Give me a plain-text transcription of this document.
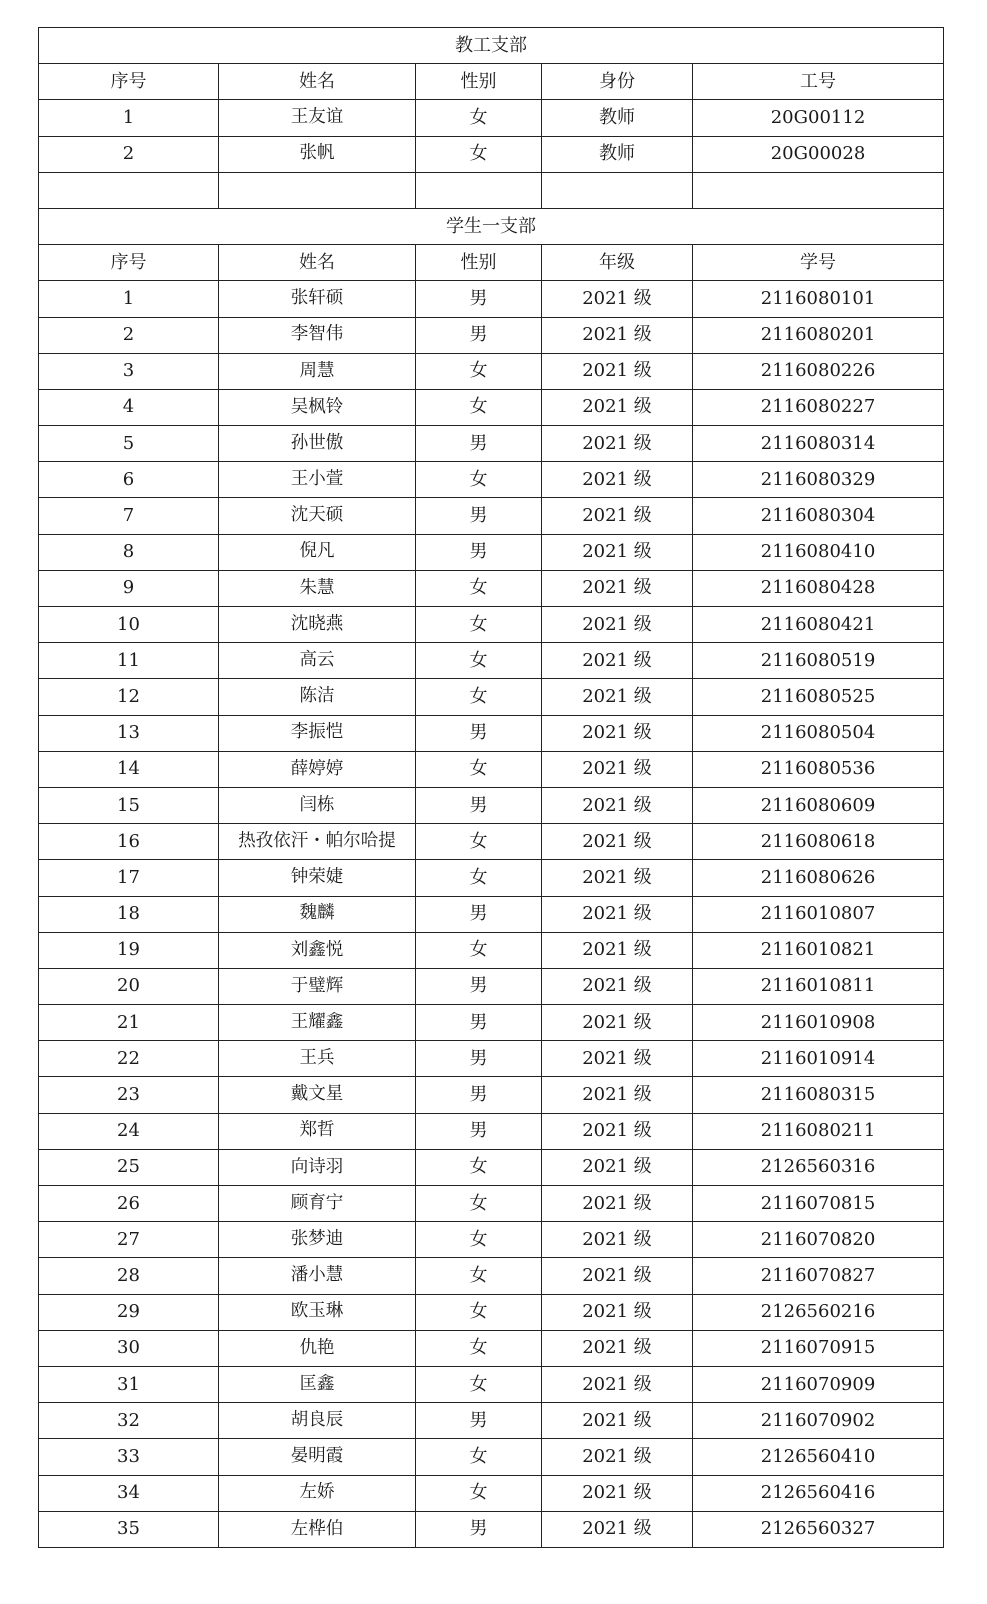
教工支部				
序号	姓名	性别	身份	工号
1	王友谊	女	教师	20G00112
2	张帆	女	教师	20G00028

学生一支部				
序号	姓名	性别	年级	学号
1	张轩硕	男	2021 级	2116080101
2	李智伟	男	2021 级	2116080201
3	周慧	女	2021 级	2116080226
4	吴枫铃	女	2021 级	2116080227
5	孙世傲	男	2021 级	2116080314
6	王小萱	女	2021 级	2116080329
7	沈天硕	男	2021 级	2116080304
8	倪凡	男	2021 级	2116080410
9	朱慧	女	2021 级	2116080428
10	沈晓燕	女	2021 级	2116080421
11	高云	女	2021 级	2116080519
12	陈洁	女	2021 级	2116080525
13	李振恺	男	2021 级	2116080504
14	薛婷婷	女	2021 级	2116080536
15	闫栋	男	2021 级	2116080609
16	热孜依汗・帕尔哈提	女	2021 级	2116080618
17	钟荣婕	女	2021 级	2116080626
18	魏麟	男	2021 级	2116010807
19	刘鑫悦	女	2021 级	2116010821
20	于璧辉	男	2021 级	2116010811
21	王耀鑫	男	2021 级	2116010908
22	王兵	男	2021 级	2116010914
23	戴文星	男	2021 级	2116080315
24	郑哲	男	2021 级	2116080211
25	向诗羽	女	2021 级	2126560316
26	顾育宁	女	2021 级	2116070815
27	张梦迪	女	2021 级	2116070820
28	潘小慧	女	2021 级	2116070827
29	欧玉琳	女	2021 级	2126560216
30	仇艳	女	2021 级	2116070915
31	匡鑫	女	2021 级	2116070909
32	胡良辰	男	2021 级	2116070902
33	晏明霞	女	2021 级	2126560410
34	左娇	女	2021 级	2126560416
35	左桦伯	男	2021 级	2126560327
